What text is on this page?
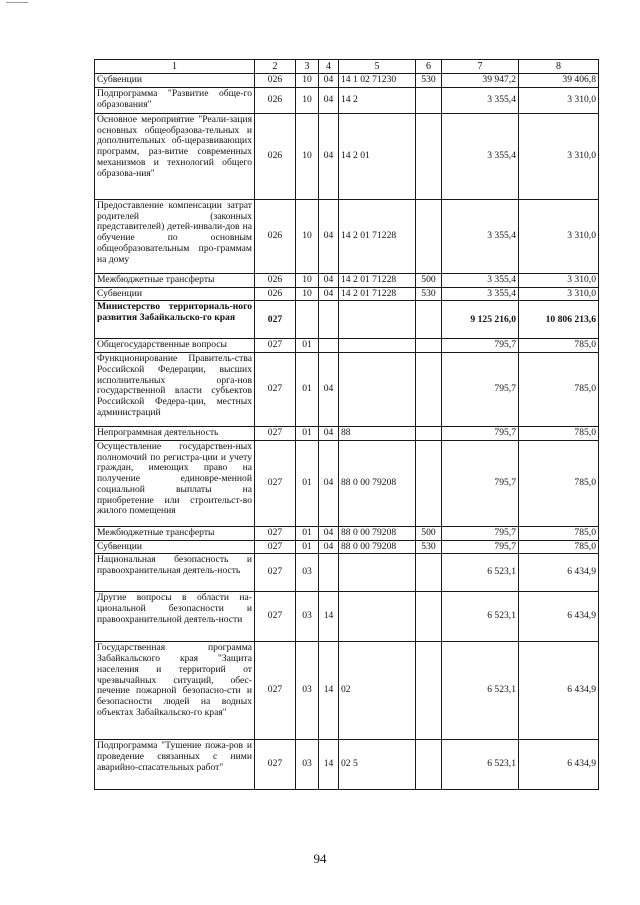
1	2	3	4	5	6	7	8
Субвенции	026	10	04	14 1 02 71230	530	39 947,2	39 406,8
Подпрограмма "Развитие обще-го образования"	026	10	04	14 2		3 355,4	3 310,0
Основное мероприятие "Реали-зация основных общеобразова-тельных и дополнительных об-щеразвивающих программ, раз-витие современных механизмов и технологий общего образова-ния"	026	10	04	14 2 01		3 355,4	3 310,0
Предоставление компенсации затрат родителей (законных представителей) детей-инвали-дов на обучение по основным общеобразовательным про-граммам на дому	026	10	04	14 2 01 71228		3 355,4	3 310,0
Межбюджетные трансферты	026	10	04	14 2 01 71228	500	3 355,4	3 310,0
Субвенции	026	10	04	14 2 01 71228	530	3 355,4	3 310,0
Министерство территориаль-ного развития Забайкальско-го края	027					9 125 216,0	10 806 213,6
Общегосударственные вопросы	027	01				795,7	785,0
Функционирование Правитель-ства Российской Федерации, высших исполнительных орга-нов государственной власти субъектов Российской Федера-ции, местных администраций	027	01	04			795,7	785,0
Непрограммная деятельность	027	01	04	88		795,7	785,0
Осуществление государствен-ных полномочий по регистра-ции и учету граждан, имеющих право на получение единовре-менной социальной выплаты на приобретение или строительст-во жилого помещения	027	01	04	88 0 00 79208		795,7	785,0
Межбюджетные трансферты	027	01	04	88 0 00 79208	500	795,7	785,0
Субвенции	027	01	04	88 0 00 79208	530	795,7	785,0
Национальная безопасность и правоохранительная деятель-ность	027	03				6 523,1	6 434,9
Другие вопросы в области на-циональной безопасности и правоохранительной деятель-ности	027	03	14			6 523,1	6 434,9
Государственная программа Забайкальского края "Защита населения и территорий от чрезвычайных ситуаций, обес-печение пожарной безопасно-сти и безопасности людей на водных объектах Забайкальско-го края"	027	03	14	02		6 523,1	6 434,9
Подпрограмма "Тушение пожа-ров и проведение связанных с ними аварийно-спасательных работ"	027	03	14	02 5		6 523,1	6 434,9
94
